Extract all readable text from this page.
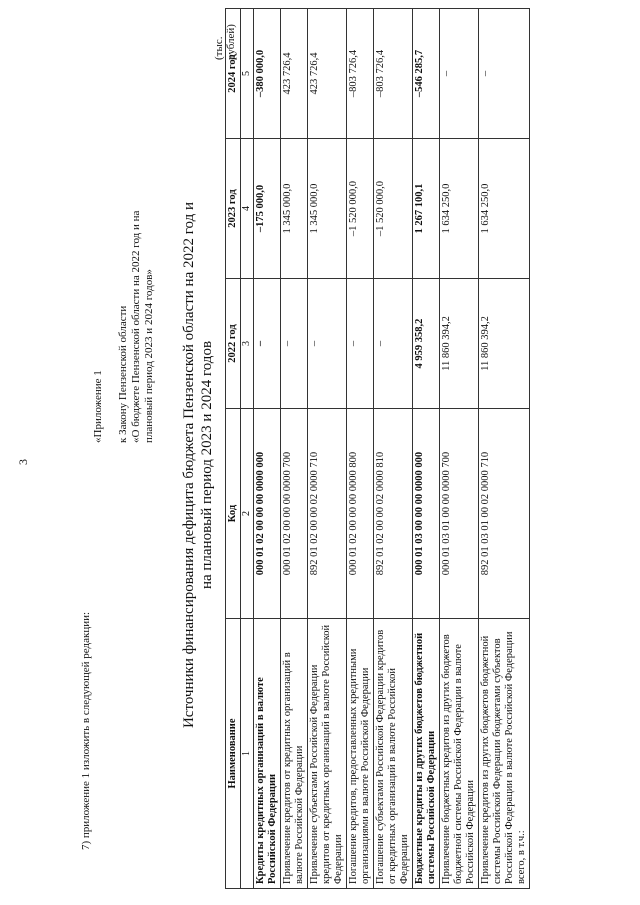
3
7) приложение 1 изложить в следующей редакции:
«Приложение 1 к Закону Пензенской области «О бюджете Пензенской области на 2022 год и на плановый период 2023 и 2024 годов» Источники финансирования дефицита бюджета Пензенской области на 2022 год и на плановый период 2023 и 2024 годов
(тыс. рублей)
Наименование	Код	2022 год	2023 год	2024 год
1	2	3	4	5
Кредиты кредитных организаций в валюте Российской Федерации	000 01 02 00 00 00 0000 000	–	–175 000,0	–380 000,0
Привлечение кредитов от кредитных организаций в валюте Российской Федерации	000 01 02 00 00 00 0000 700	–	1 345 000,0	423 726,4
Привлечение субъектами Российской Федерации кредитов от кредитных организаций в валюте Российской Федерации	892 01 02 00 00 02 0000 710	–	1 345 000,0	423 726,4
Погашение кредитов, предоставленных кредитными организациями в валюте Российской Федерации	000 01 02 00 00 00 0000 800	–	–1 520 000,0	–803 726,4
Погашение субъектами Российской Федерации кредитов от кредитных организаций в валюте Российской Федерации	892 01 02 00 00 02 0000 810	–	–1 520 000,0	–803 726,4
Бюджетные кредиты из других бюджетов бюджетной системы Российской Федерации	000 01 03 00 00 00 0000 000	4 959 358,2	1 267 100,1	–546 285,7
Привлечение бюджетных кредитов из других бюджетов бюджетной системы Российской Федерации в валюте Российской Федерации	000 01 03 01 00 00 0000 700	11 860 394,2	1 634 250,0	–
Привлечение кредитов из других бюджетов бюджетной системы Российской Федерации бюджетами субъектов Российской Федерации в валюте Российской Федерации всего, в т.ч.:	892 01 03 01 00 02 0000 710	11 860 394,2	1 634 250,0	–
